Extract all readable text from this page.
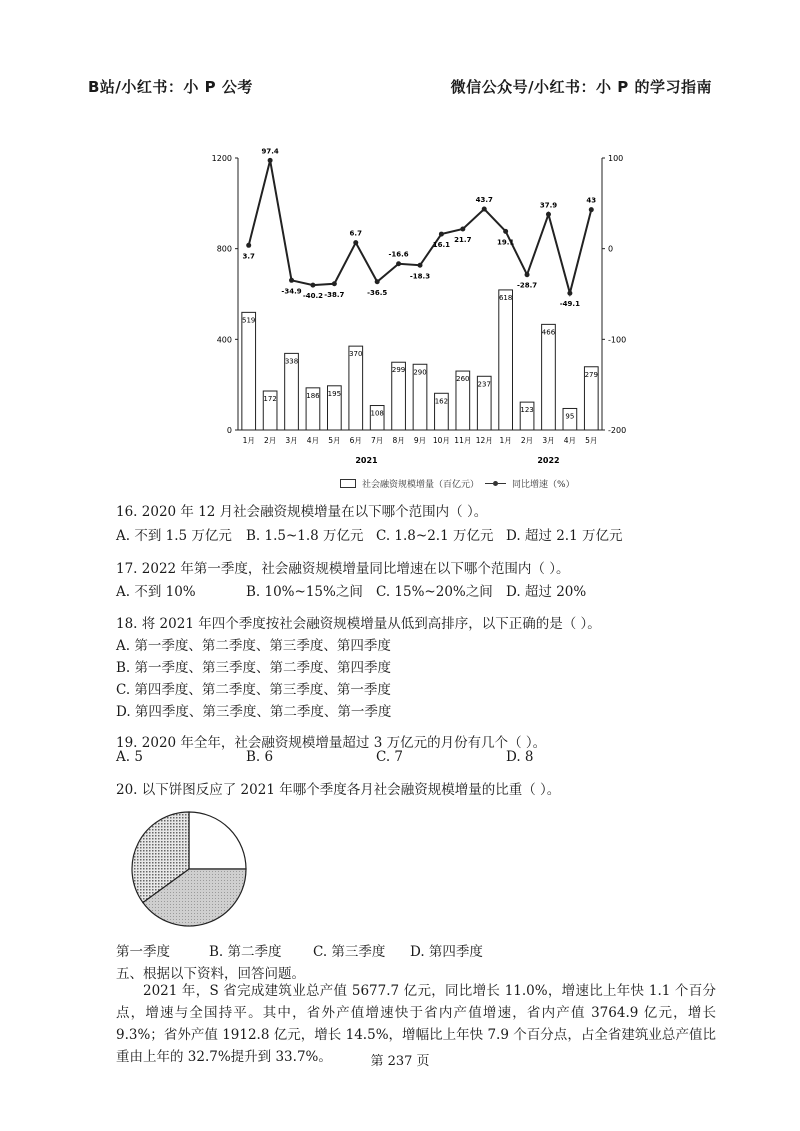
B站/小红书：小 P 公考	微信公众号/小红书：小 P 的学习指南
0
400
800
1200
-200
-100
0
100
519
172
338
186 195
370
108
299 290
162
260
237
618
123
466
95
279
1月 2月 3月 4月 5月 6月 7月 8月 9月 10月 11月 12月 1月 2月 3月 4月 5月
2021	2022
3.7
97.4
-34.9
-40.2 -38.7
6.7
-36.5
-16.6
-18.3
16.1
21.7
43.7
19.1
-28.7
37.9
-49.1
43
社会融资规模增量（百亿元）	同比增速（%）
16. 2020 年 12 月社会融资规模增量在以下哪个范围内（ ）。
A. 不到 1.5 万亿元 B. 1.5~1.8 万亿元 C. 1.8~2.1 万亿元 D. 超过 2.1 万亿元
17. 2022 年第一季度，社会融资规模增量同比增速在以下哪个范围内（ ）。
A. 不到 10%	B. 10%~15%之间 C. 15%~20%之间 D. 超过 20%
18. 将 2021 年四个季度按社会融资规模增量从低到高排序，以下正确的是（ ）。
A. 第一季度、第二季度、第三季度、第四季度
B. 第一季度、第三季度、第二季度、第四季度
C. 第四季度、第二季度、第三季度、第一季度
D. 第四季度、第三季度、第二季度、第一季度
19. 2020 年全年，社会融资规模增量超过 3 万亿元的月份有几个（ ）。
A. 5	B. 6	C. 7	D. 8
20. 以下饼图反应了 2021 年哪个季度各月社会融资规模增量的比重（ ）。
第一季度	B. 第二季度 C. 第三季度 D. 第四季度
五、根据以下资料，回答问题。
2021 年，S 省完成建筑业总产值 5677.7 亿元，同比增长 11.0%，增速比上年快 1.1 个百分点，增速与全国持平。其中，省外产值增速快于省内产值增速，省内产值 3764.9 亿元，增长 9.3%；省外产值 1912.8 亿元，增长 14.5%，增幅比上年快 7.9 个百分点，占全省建筑业总产值比重由上年的 32.7%提升到 33.7%。	第 237 页
